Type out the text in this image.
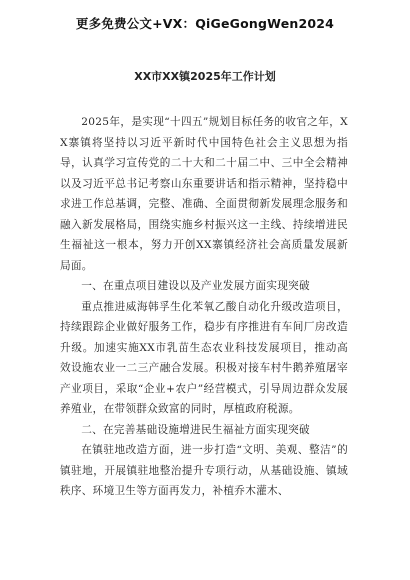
更多免费公文+VX：QiGeGongWen2024
XX市XX镇2025年工作计划

2025年，是实现“十四五”规划目标任务的收官之年，XX寨镇将坚持以习近平新时代中国特色社会主义思想为指导，认真学习宣传党的二十大和二十届二中、三中全会精神以及习近平总书记考察山东重要讲话和指示精神，坚持稳中求进工作总基调，完整、准确、全面贯彻新发展理念服务和融入新发展格局，围绕实施乡村振兴这一主线、持续增进民生福祉这一根本，努力开创XX寨镇经济社会高质量发展新局面。

一、在重点项目建设以及产业发展方面实现突破

重点推进威海韩孚生化苯氧乙酸自动化升级改造项目，持续跟踪企业做好服务工作，稳步有序推进有车间厂房改造升级。加速实施XX市乳苗生态农业科技发展项目，推动高效设施农业一二三产融合发展。积极对接车村牛鹅养殖屠宰产业项目，采取“企业+农户”经营模式，引导周边群众发展养殖业，在带领群众致富的同时，厚植政府税源。

二、在完善基础设施增进民生福祉方面实现突破

在镇驻地改造方面，进一步打造“文明、美观、整洁”的镇驻地，开展镇驻地整治提升专项行动，从基础设施、镇域秩序、环境卫生等方面再发力，补植乔木灌木、
